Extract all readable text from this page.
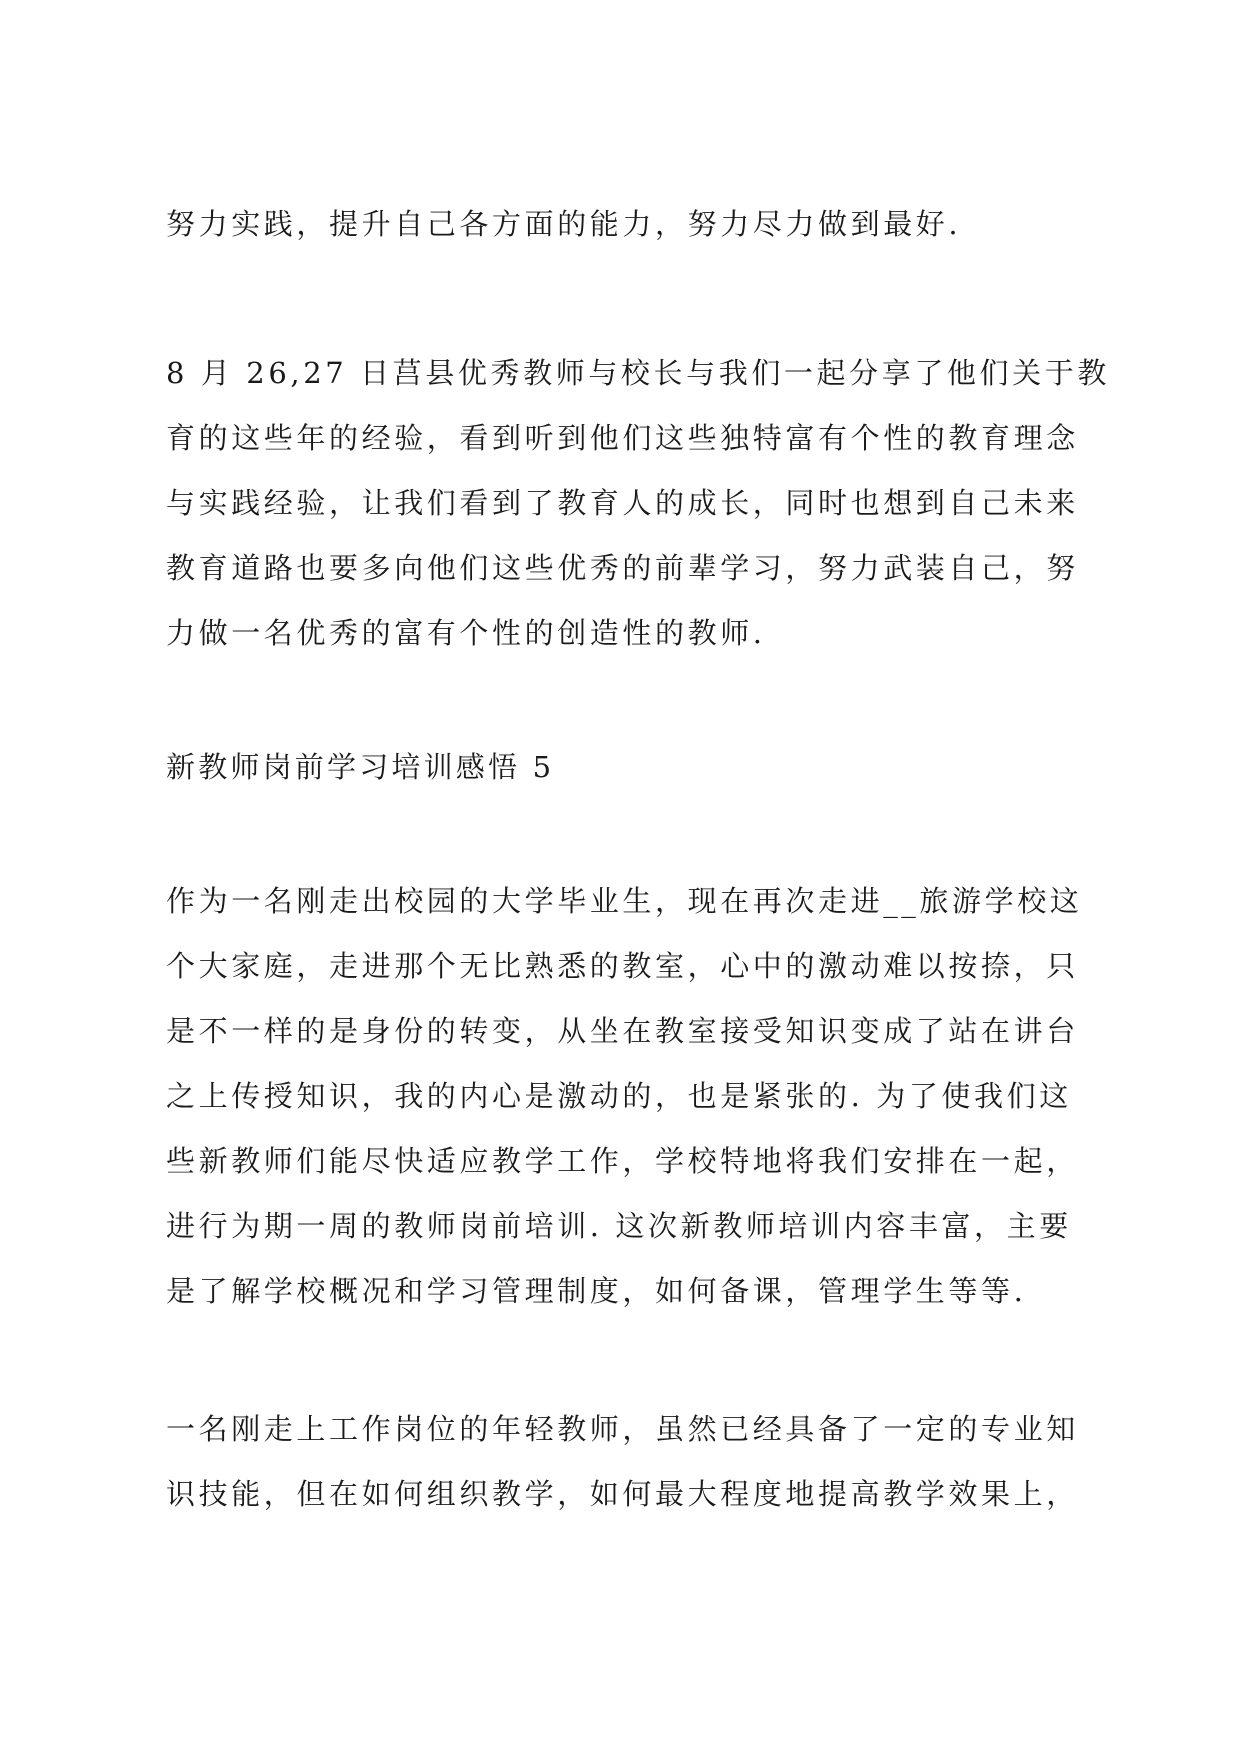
努力实践，提升自己各方面的能力，努力尽力做到最好.
8 月 26,27 日莒县优秀教师与校长与我们一起分享了他们关于教
育的这些年的经验，看到听到他们这些独特富有个性的教育理念
与实践经验，让我们看到了教育人的成长，同时也想到自己未来
教育道路也要多向他们这些优秀的前辈学习，努力武装自己，努
力做一名优秀的富有个性的创造性的教师.
新教师岗前学习培训感悟 5
作为一名刚走出校园的大学毕业生，现在再次走进__旅游学校这
个大家庭，走进那个无比熟悉的教室，心中的激动难以按捺，只
是不一样的是身份的转变，从坐在教室接受知识变成了站在讲台
之上传授知识，我的内心是激动的，也是紧张的. 为了使我们这
些新教师们能尽快适应教学工作，学校特地将我们安排在一起，
进行为期一周的教师岗前培训. 这次新教师培训内容丰富，主要
是了解学校概况和学习管理制度，如何备课，管理学生等等.
一名刚走上工作岗位的年轻教师，虽然已经具备了一定的专业知
识技能，但在如何组织教学，如何最大程度地提高教学效果上，
